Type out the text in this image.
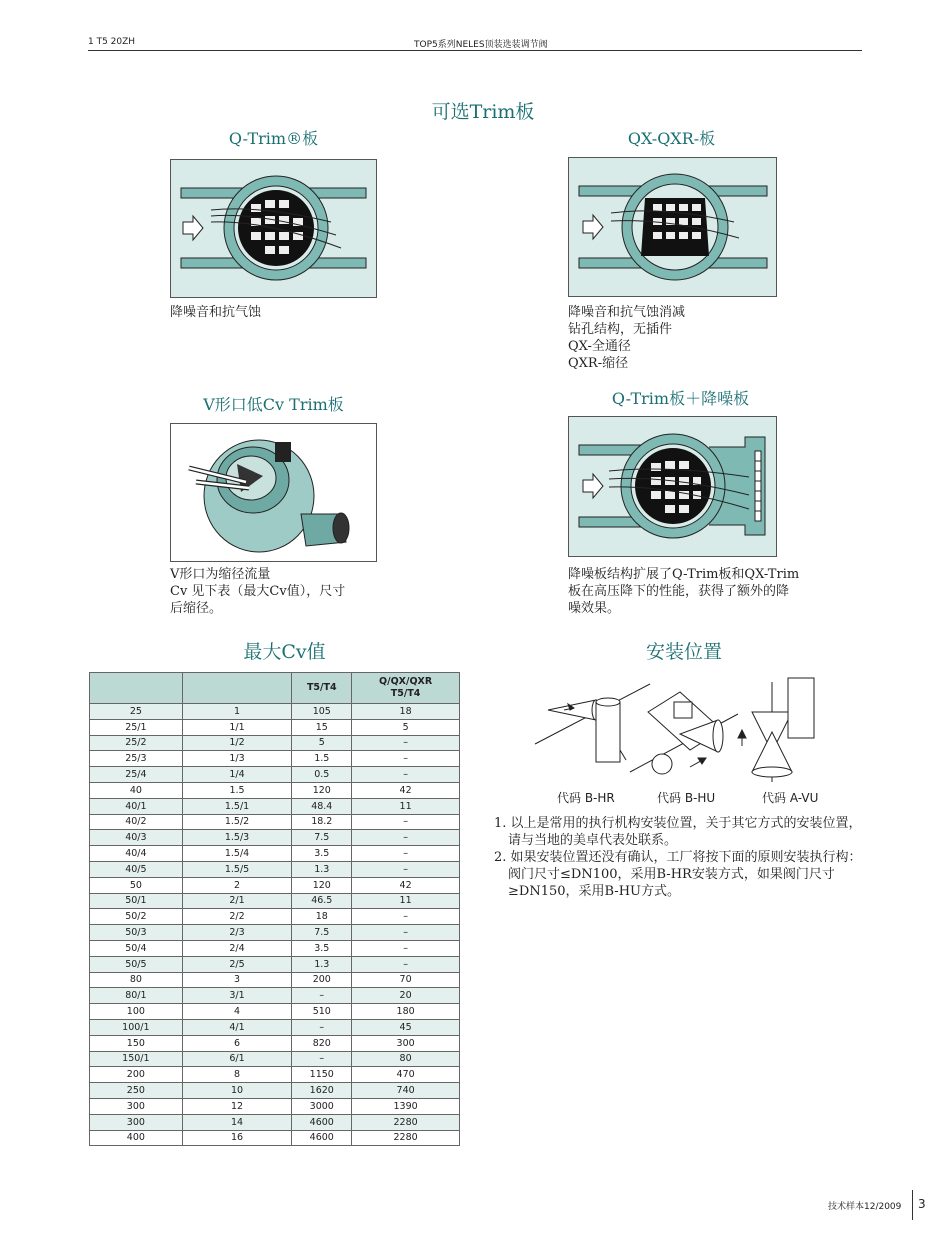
1 T5 20ZH	TOP5系列NELES顶装选装调节阀
可选Trim板
Q-Trim®板
降噪音和抗气蚀
QX-QXR-板
降噪音和抗气蚀消减
钻孔结构，无插件
QX-全通径
QXR-缩径
V形口低Cv Trim板
V形口为缩径流量
Cv 见下表（最大Cv值），尺寸
后缩径。
Q-Trim板＋降噪板
降噪板结构扩展了Q-Trim板和QX-Trim
板在高压降下的性能，获得了额外的降
噪效果。
最大Cv值
		T5/T4	Q/QX/QXR
T5/T4
25	1	105	18
25/1	1/1	15	5
25/2	1/2	5	–
25/3	1/3	1.5	–
25/4	1/4	0.5	–
40	1.5	120	42
40/1	1.5/1	48.4	11
40/2	1.5/2	18.2	–
40/3	1.5/3	7.5	–
40/4	1.5/4	3.5	–
40/5	1.5/5	1.3	–
50	2	120	42
50/1	2/1	46.5	11
50/2	2/2	18	–
50/3	2/3	7.5	–
50/4	2/4	3.5	–
50/5	2/5	1.3	–
80	3	200	70
80/1	3/1	–	20
100	4	510	180
100/1	4/1	–	45
150	6	820	300
150/1	6/1	–	80
200	8	1150	470
250	10	1620	740
300	12	3000	1390
300	14	4600	2280
400	16	4600	2280
安装位置
代码 B-HR	代码 B-HU	代码 A-VU
1. 以上是常用的执行机构安装位置，关于其它方式的安装位置，
请与当地的美卓代表处联系。
2. 如果安装位置还没有确认，工厂将按下面的原则安装执行构：
阀门尺寸≤DN100，采用B-HR安装方式，如果阀门尺寸
≥DN150，采用B-HU方式。
技术样本12/2009 3
